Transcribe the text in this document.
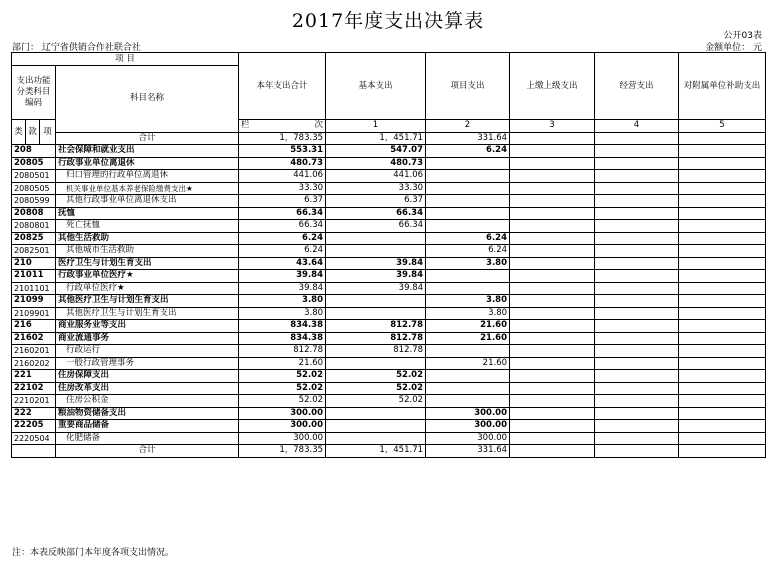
2017年度支出决算表
公开03表
部门： 辽宁省供销合作社联合社	金额单位： 元
项 目				本年支出合计	基本支出	项目支出	上缴上级支出	经营支出	对附属单位补助支出	
支出功能分类科目编码			科目名称							
类	款	项		栏 次	1	2	3	4	5	
			合计	1，783.35	1，451.71	331.64				
208			社会保障和就业支出	553.31	547.07	6.24				
20805			行政事业单位离退休	480.73	480.73					
2080501			归口管理的行政单位离退休	441.06	441.06					
2080505			机关事业单位基本养老保险缴费支出★	33.30	33.30					
2080599			其他行政事业单位离退休支出	6.37	6.37					
20808			抚恤	66.34	66.34					
2080801			死亡抚恤	66.34	66.34					
20825			其他生活救助	6.24		6.24				
2082501			其他城市生活救助	6.24		6.24				
210			医疗卫生与计划生育支出	43.64	39.84	3.80				
21011			行政事业单位医疗★	39.84	39.84					
2101101			行政单位医疗★	39.84	39.84					
21099			其他医疗卫生与计划生育支出	3.80		3.80				
2109901			其他医疗卫生与计划生育支出	3.80		3.80				
216			商业服务业等支出	834.38	812.78	21.60				
21602			商业流通事务	834.38	812.78	21.60				
2160201			行政运行	812.78	812.78					
2160202			一般行政管理事务	21.60		21.60				
221			住房保障支出	52.02	52.02					
22102			住房改革支出	52.02	52.02					
2210201			住房公积金	52.02	52.02					
222			粮油物资储备支出	300.00		300.00				
22205			重要商品储备	300.00		300.00				
2220504			化肥储备	300.00		300.00				
			合计	1，783.35	1，451.71	331.64				
注：本表反映部门本年度各项支出情况。
